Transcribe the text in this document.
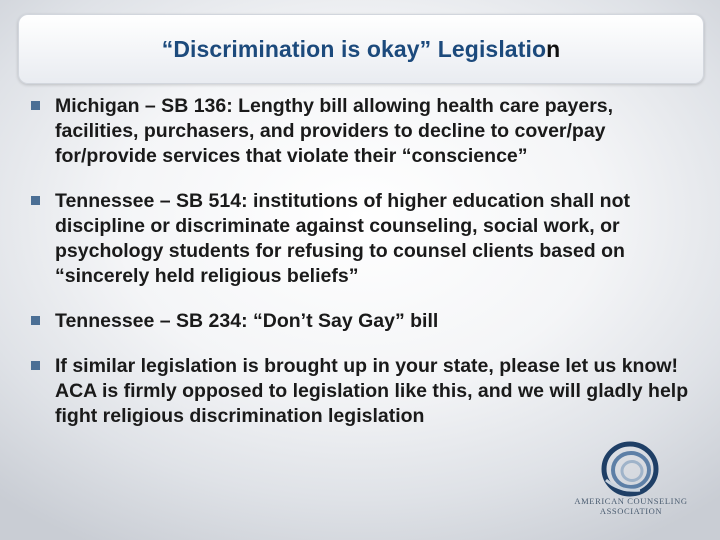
“Discrimination is okay” Legislation
Michigan – SB 136: Lengthy bill allowing health care payers, facilities, purchasers, and providers to decline to cover/pay for/provide services that violate their “conscience”
Tennessee – SB 514: institutions of higher education shall not discipline or discriminate against counseling, social work, or psychology students for refusing to counsel clients based on “sincerely held religious beliefs”
Tennessee – SB 234: “Don’t Say Gay” bill
If similar legislation is brought up in your state, please let us know! ACA is firmly opposed to legislation like this, and we will gladly help fight religious discrimination legislation
AMERICAN COUNSELING
ASSOCIATION
